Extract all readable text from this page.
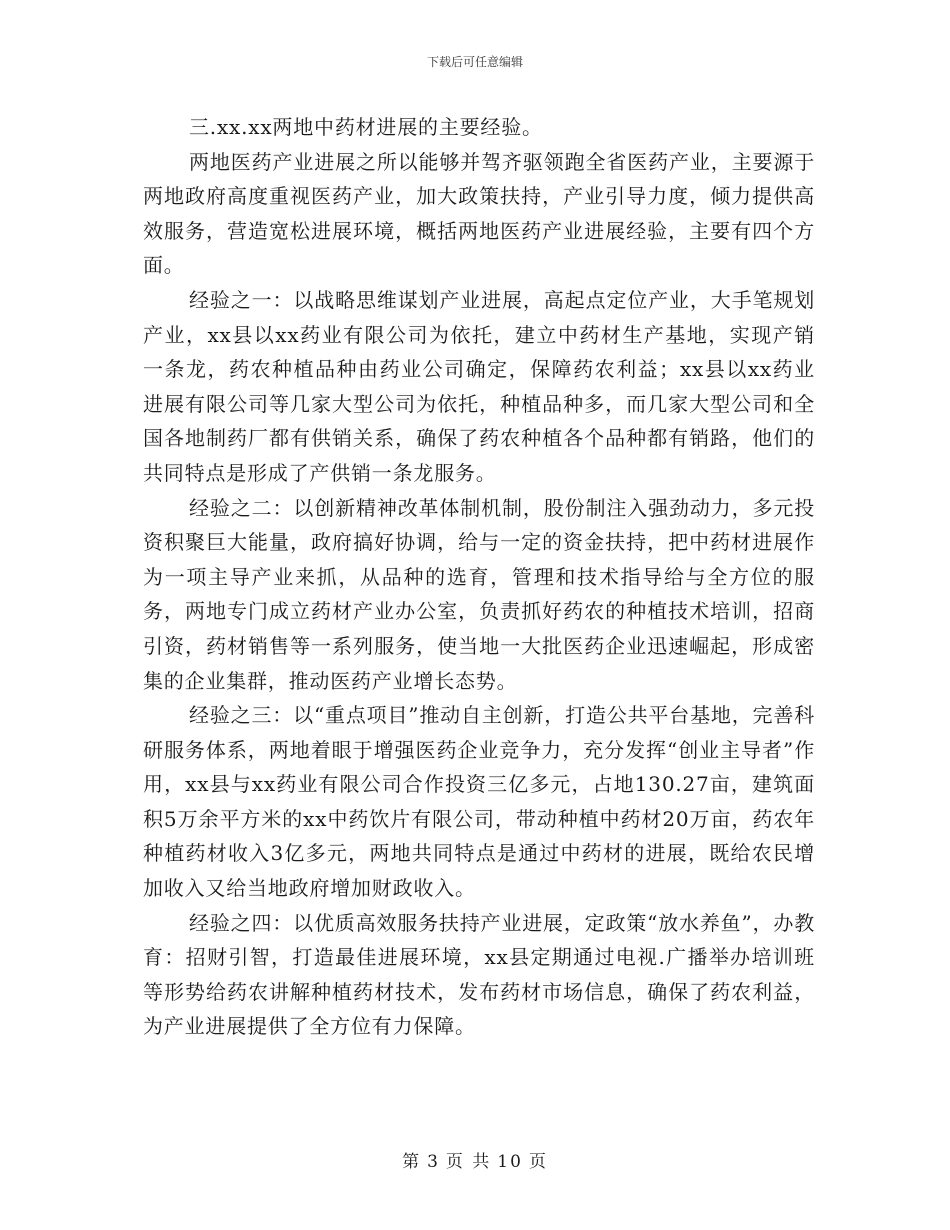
下载后可任意编辑

三.xx.xx两地中药材进展的主要经验。

两地医药产业进展之所以能够并驾齐驱领跑全省医药产业，主要源于两地政府高度重视医药产业，加大政策扶持，产业引导力度，倾力提供高效服务，营造宽松进展环境，概括两地医药产业进展经验，主要有四个方面。

经验之一：以战略思维谋划产业进展，高起点定位产业，大手笔规划产业，xx县以xx药业有限公司为依托，建立中药材生产基地，实现产销一条龙，药农种植品种由药业公司确定，保障药农利益；xx县以xx药业进展有限公司等几家大型公司为依托，种植品种多，而几家大型公司和全国各地制药厂都有供销关系，确保了药农种植各个品种都有销路，他们的共同特点是形成了产供销一条龙服务。

经验之二：以创新精神改革体制机制，股份制注入强劲动力，多元投资积聚巨大能量，政府搞好协调，给与一定的资金扶持，把中药材进展作为一项主导产业来抓，从品种的选育，管理和技术指导给与全方位的服务，两地专门成立药材产业办公室，负责抓好药农的种植技术培训，招商引资，药材销售等一系列服务，使当地一大批医药企业迅速崛起，形成密集的企业集群，推动医药产业增长态势。

经验之三：以“重点项目”推动自主创新，打造公共平台基地，完善科研服务体系，两地着眼于增强医药企业竞争力，充分发挥“创业主导者”作用，xx县与xx药业有限公司合作投资三亿多元，占地130.27亩，建筑面积5万余平方米的xx中药饮片有限公司，带动种植中药材20万亩，药农年种植药材收入3亿多元，两地共同特点是通过中药材的进展，既给农民增加收入又给当地政府增加财政收入。

经验之四：以优质高效服务扶持产业进展，定政策“放水养鱼”，办教育：招财引智，打造最佳进展环境，xx县定期通过电视.广播举办培训班等形势给药农讲解种植药材技术，发布药材市场信息，确保了药农利益，为产业进展提供了全方位有力保障。

第 3 页 共 10 页
